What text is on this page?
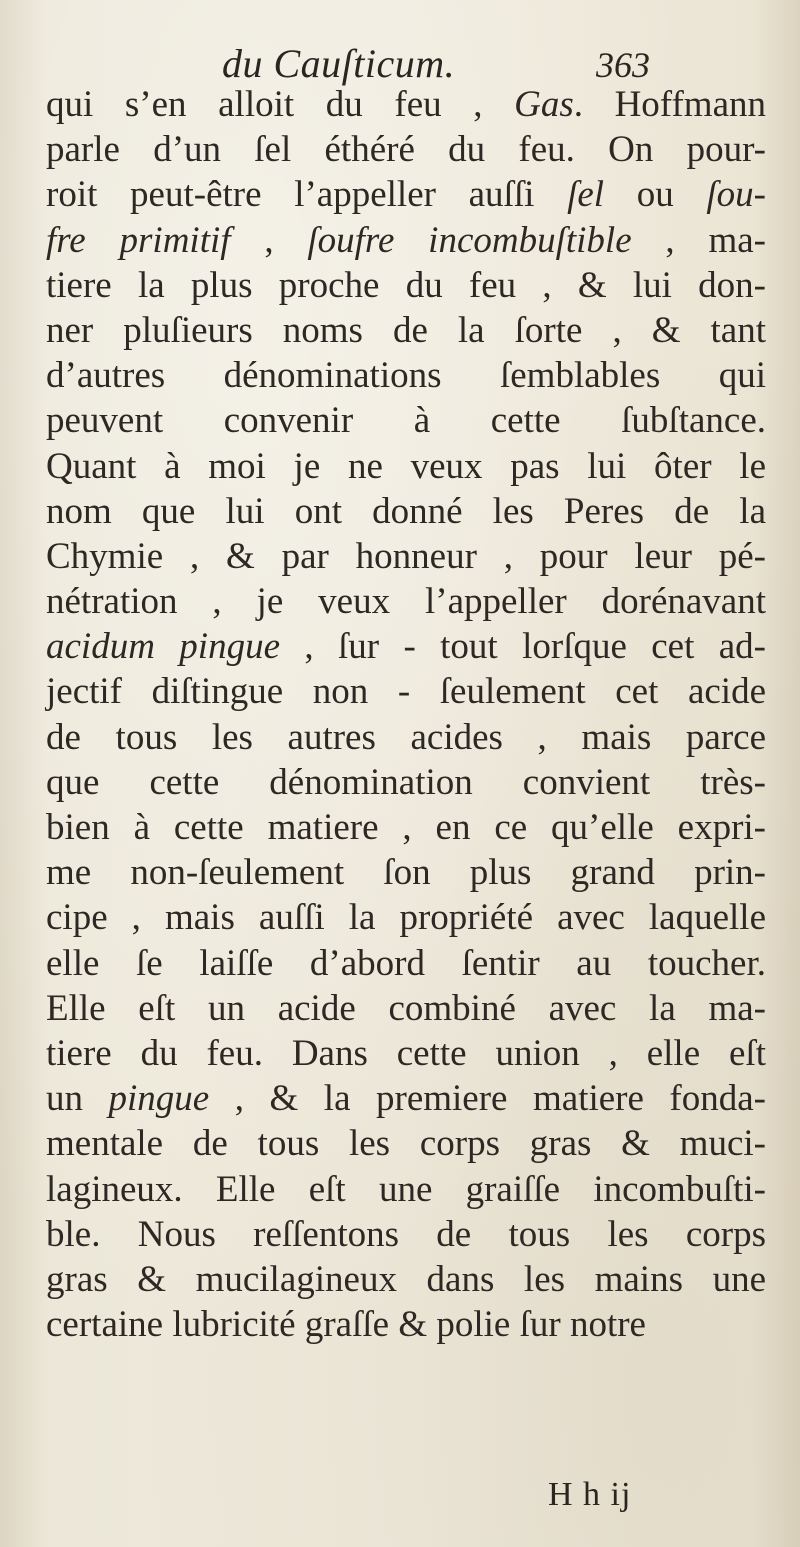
du Cauſticum.	363
qui s’en alloit du feu , Gas. Hoffmann
parle d’un ſel éthéré du feu. On pour-
roit peut-être l’appeller auſſi ſel ou ſou-
fre primitif , ſoufre incombuſtible , ma-
tiere la plus proche du feu , & lui don-
ner pluſieurs noms de la ſorte , & tant
d’autres dénominations ſemblables qui
peuvent convenir à cette ſubſtance.
Quant à moi je ne veux pas lui ôter le
nom que lui ont donné les Peres de la
Chymie , & par honneur , pour leur pé-
nétration , je veux l’appeller dorénavant
acidum pingue , ſur - tout lorſque cet ad-
jectif diſtingue non - ſeulement cet acide
de tous les autres acides , mais parce
que cette dénomination convient très-
bien à cette matiere , en ce qu’elle expri-
me non-ſeulement ſon plus grand prin-
cipe , mais auſſi la propriété avec laquelle
elle ſe laiſſe d’abord ſentir au toucher.
Elle eſt un acide combiné avec la ma-
tiere du feu. Dans cette union , elle eſt
un pingue , & la premiere matiere fonda-
mentale de tous les corps gras & muci-
lagineux. Elle eſt une graiſſe incombuſti-
ble. Nous reſſentons de tous les corps
gras & mucilagineux dans les mains une
certaine lubricité graſſe & polie ſur notre
H h ij
